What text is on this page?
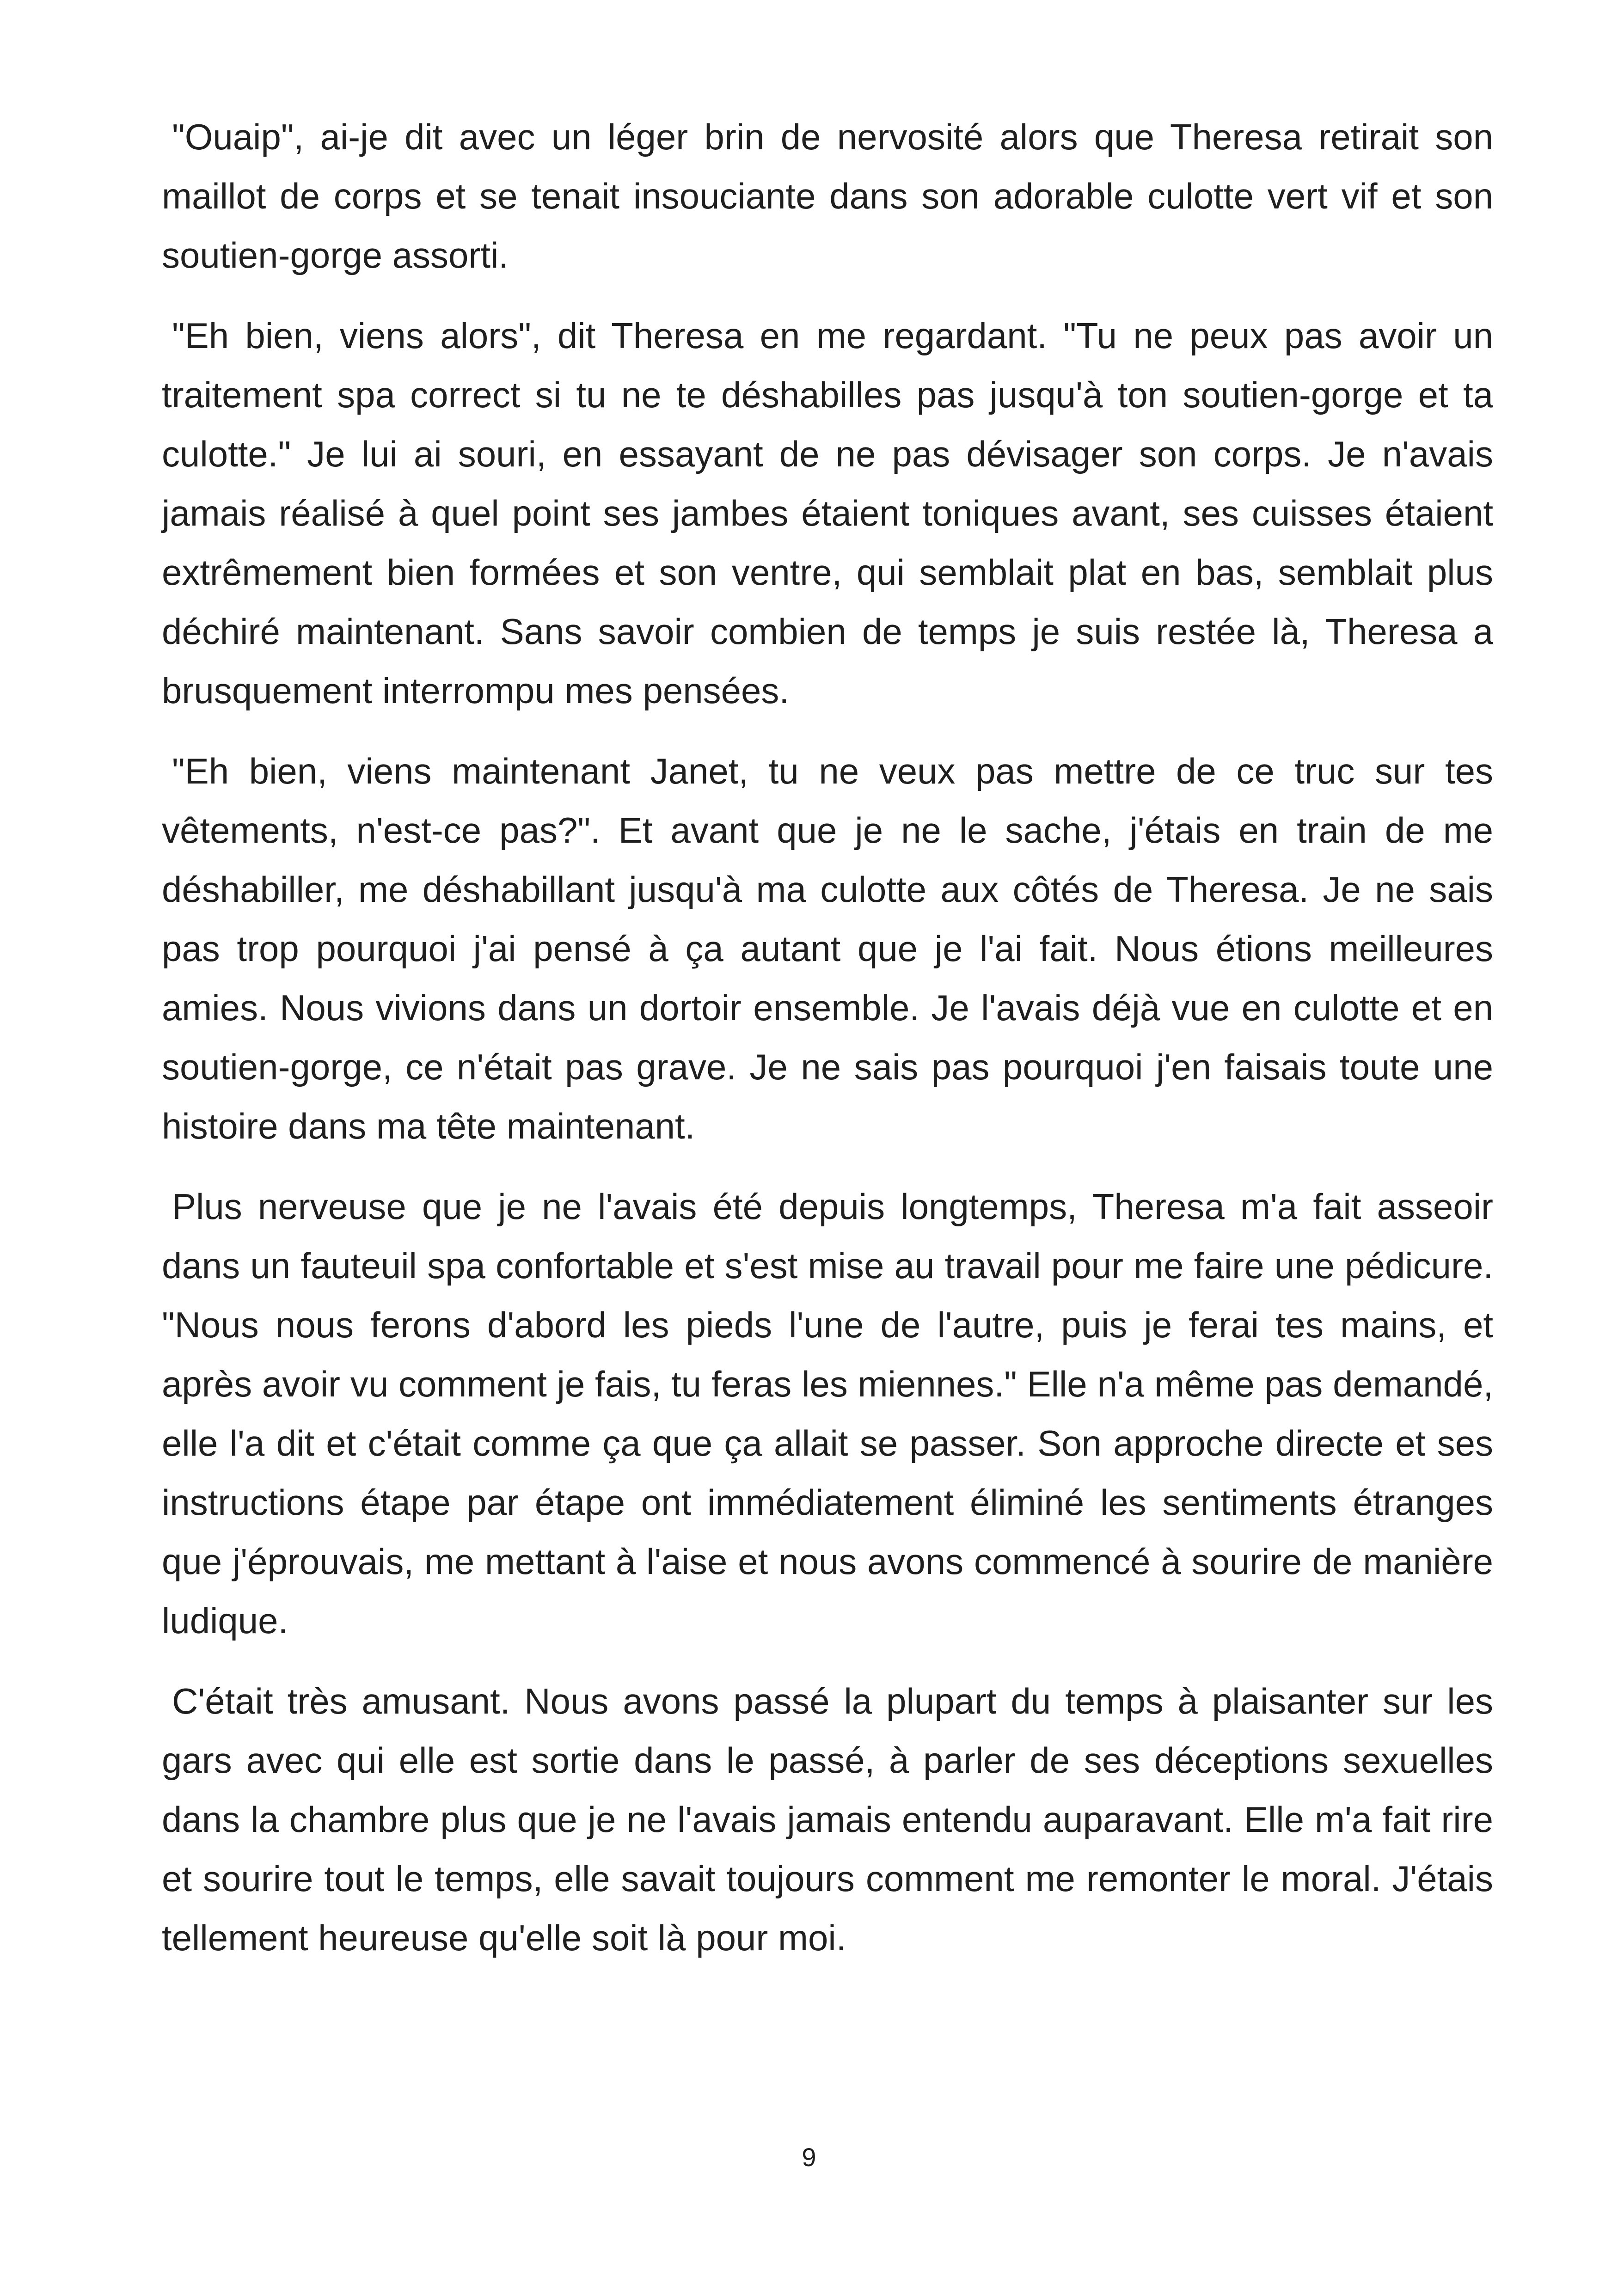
"Ouaip", ai-je dit avec un léger brin de nervosité alors que Theresa retirait son maillot de corps et se tenait insouciante dans son adorable culotte vert vif et son soutien-gorge assorti.

"Eh bien, viens alors", dit Theresa en me regardant. "Tu ne peux pas avoir un traitement spa correct si tu ne te déshabilles pas jusqu'à ton soutien-gorge et ta culotte." Je lui ai souri, en essayant de ne pas dévisager son corps. Je n'avais jamais réalisé à quel point ses jambes étaient toniques avant, ses cuisses étaient extrêmement bien formées et son ventre, qui semblait plat en bas, semblait plus déchiré maintenant. Sans savoir combien de temps je suis restée là, Theresa a brusquement interrompu mes pensées.

"Eh bien, viens maintenant Janet, tu ne veux pas mettre de ce truc sur tes vêtements, n'est-ce pas?". Et avant que je ne le sache, j'étais en train de me déshabiller, me déshabillant jusqu'à ma culotte aux côtés de Theresa. Je ne sais pas trop pourquoi j'ai pensé à ça autant que je l'ai fait. Nous étions meilleures amies. Nous vivions dans un dortoir ensemble. Je l'avais déjà vue en culotte et en soutien-gorge, ce n'était pas grave. Je ne sais pas pourquoi j'en faisais toute une histoire dans ma tête maintenant.

Plus nerveuse que je ne l'avais été depuis longtemps, Theresa m'a fait asseoir dans un fauteuil spa confortable et s'est mise au travail pour me faire une pédicure. "Nous nous ferons d'abord les pieds l'une de l'autre, puis je ferai tes mains, et après avoir vu comment je fais, tu feras les miennes." Elle n'a même pas demandé, elle l'a dit et c'était comme ça que ça allait se passer. Son approche directe et ses instructions étape par étape ont immédiatement éliminé les sentiments étranges que j'éprouvais, me mettant à l'aise et nous avons commencé à sourire de manière ludique.

C'était très amusant. Nous avons passé la plupart du temps à plaisanter sur les gars avec qui elle est sortie dans le passé, à parler de ses déceptions sexuelles dans la chambre plus que je ne l'avais jamais entendu auparavant. Elle m'a fait rire et sourire tout le temps, elle savait toujours comment me remonter le moral. J'étais tellement heureuse qu'elle soit là pour moi.

9
